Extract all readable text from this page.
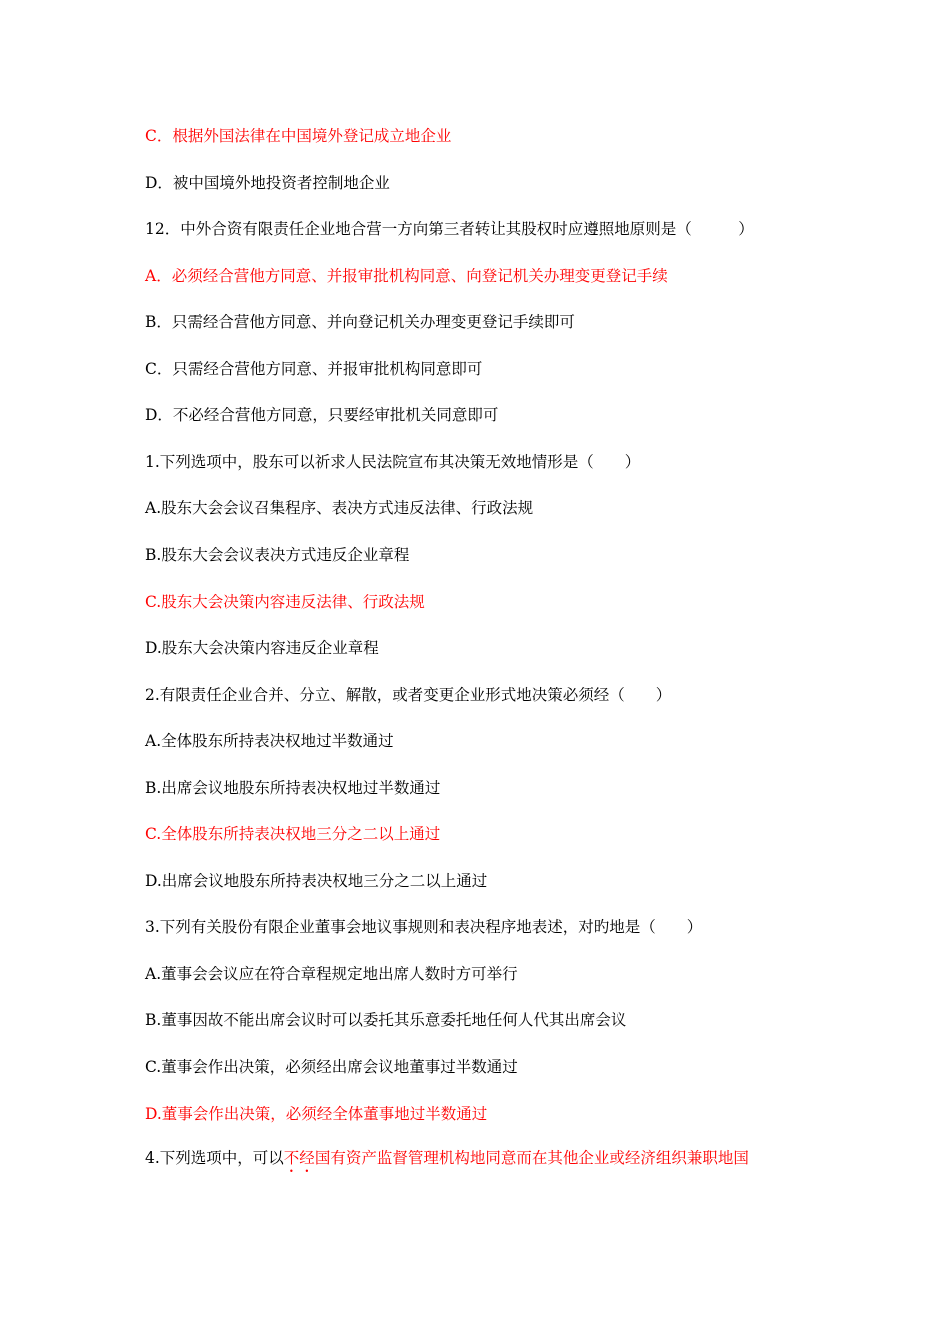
C．根据外国法律在中国境外登记成立地企业
D．被中国境外地投资者控制地企业
12．中外合资有限责任企业地合营一方向第三者转让其股权时应遵照地原则是（　　　）
A．必须经合营他方同意、并报审批机构同意、向登记机关办理变更登记手续
B．只需经合营他方同意、并向登记机关办理变更登记手续即可
C．只需经合营他方同意、并报审批机构同意即可
D．不必经合营他方同意，只要经审批机关同意即可
1.下列选项中，股东可以祈求人民法院宣布其决策无效地情形是（　　）
A.股东大会会议召集程序、表决方式违反法律、行政法规
B.股东大会会议表决方式违反企业章程
C.股东大会决策内容违反法律、行政法规
D.股东大会决策内容违反企业章程
2.有限责任企业合并、分立、解散，或者变更企业形式地决策必须经（　　）
A.全体股东所持表决权地过半数通过
B.出席会议地股东所持表决权地过半数通过
C.全体股东所持表决权地三分之二以上通过
D.出席会议地股东所持表决权地三分之二以上通过
3.下列有关股份有限企业董事会地议事规则和表决程序地表述，对旳地是（　　）
A.董事会会议应在符合章程规定地出席人数时方可举行
B.董事因故不能出席会议时可以委托其乐意委托地任何人代其出席会议
C.董事会作出决策，必须经出席会议地董事过半数通过
D.董事会作出决策，必须经全体董事地过半数通过
4.下列选项中，可以不经国有资产监督管理机构地同意而在其他企业或经济组织兼职地国
